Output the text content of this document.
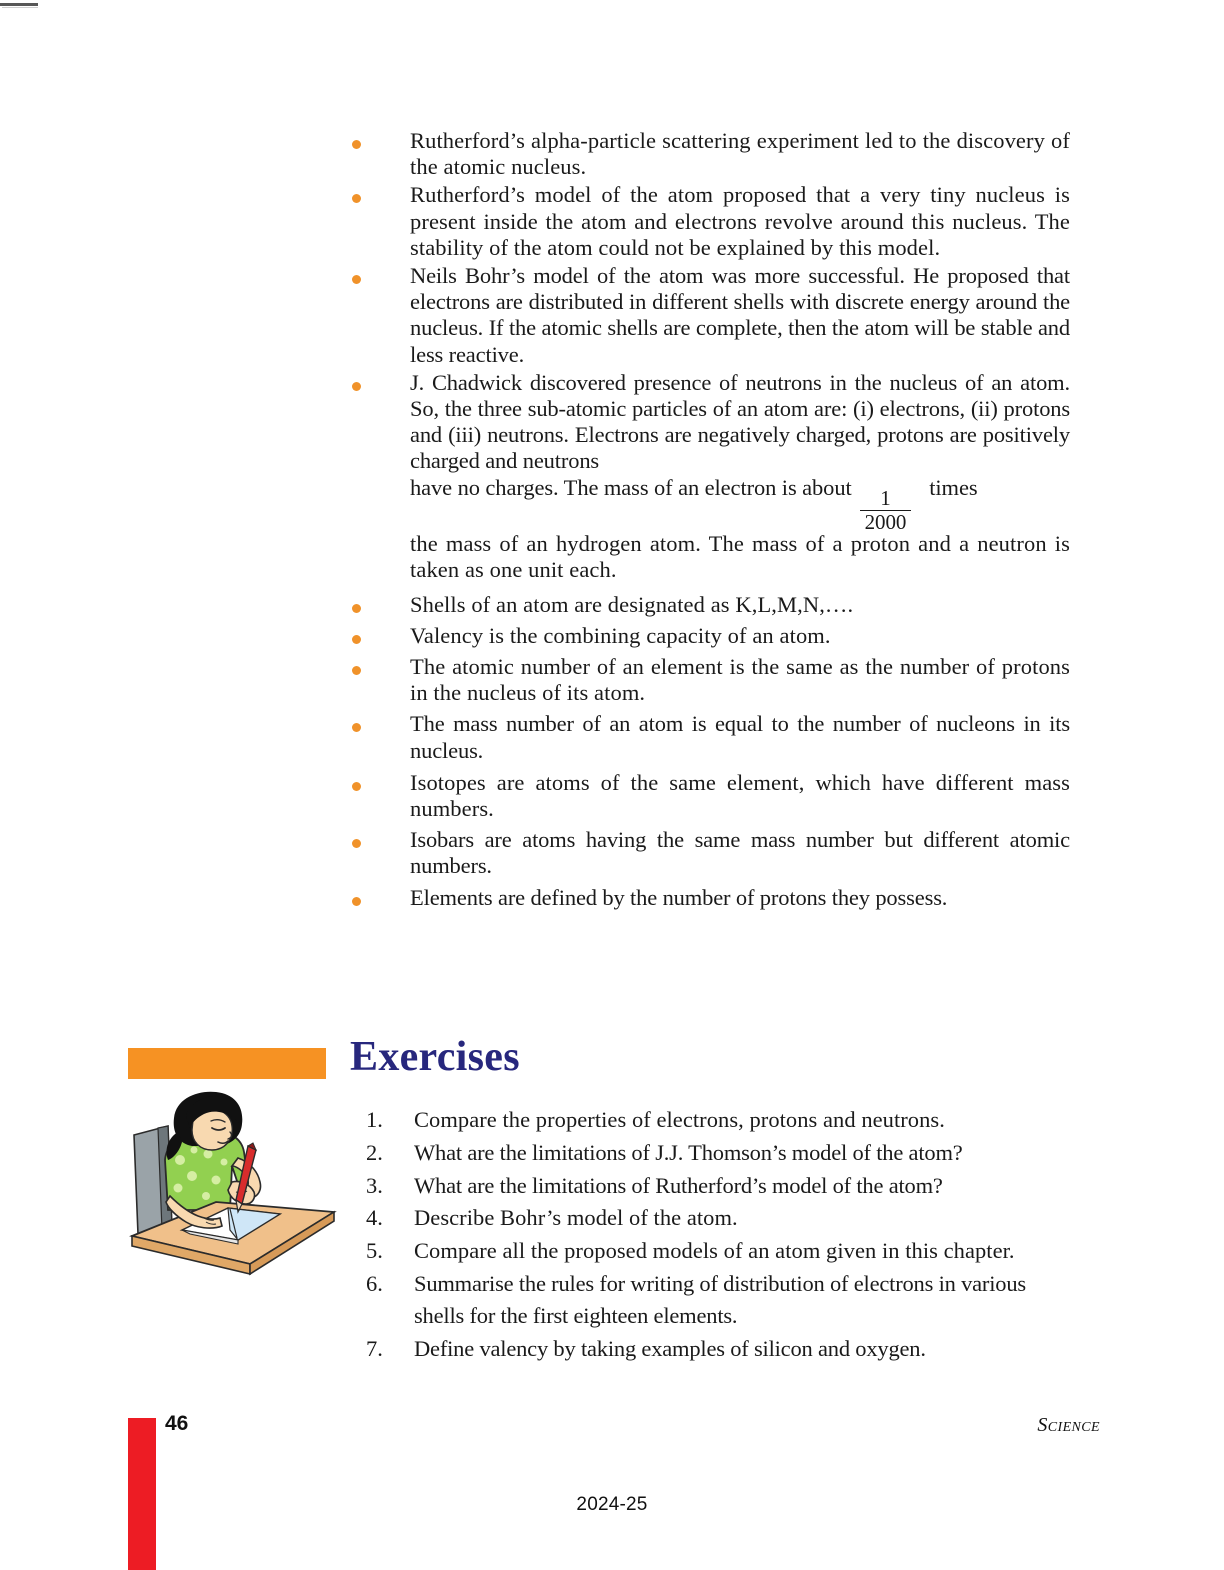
Rutherford’s alpha-particle scattering experiment led to the discovery of the atomic nucleus.
Rutherford’s model of the atom proposed that a very tiny nucleus is present inside the atom and electrons revolve around this nucleus. The stability of the atom could not be explained by this model.
Neils Bohr’s model of the atom was more successful. He proposed that electrons are distributed in different shells with discrete energy around the nucleus. If the atomic shells are complete, then the atom will be stable and less reactive.
J. Chadwick discovered presence of neutrons in the nucleus of an atom. So, the three sub-atomic particles of an atom are: (i) electrons, (ii) protons and (iii) neutrons. Electrons are negatively charged, protons are positively charged and neutrons
have no charges. The mass of an electron is about
$\frac{1}{2000}$
times
the mass of an hydrogen atom. The mass of a proton and a neutron is taken as one unit each.
Shells of an atom are designated as K,L,M,N,….
Valency is the combining capacity of an atom.
The atomic number of an element is the same as the number of protons in the nucleus of its atom.
The mass number of an atom is equal to the number of nucleons in its nucleus.
Isotopes are atoms of the same element, which have different mass numbers.
Isobars are atoms having the same mass number but different atomic numbers.
Elements are defined by the number of protons they possess.
Exercises
1. Compare the properties of electrons, protons and neutrons.
2. What are the limitations of J.J. Thomson’s model of the atom?
3. What are the limitations of Rutherford’s model of the atom?
4. Describe Bohr’s model of the atom.
5. Compare all the proposed models of an atom given in this chapter.
6. Summarise the rules for writing of distribution of electrons in various shells for the first eighteen elements.
7. Define valency by taking examples of silicon and oxygen.
46	Science
2024-25
